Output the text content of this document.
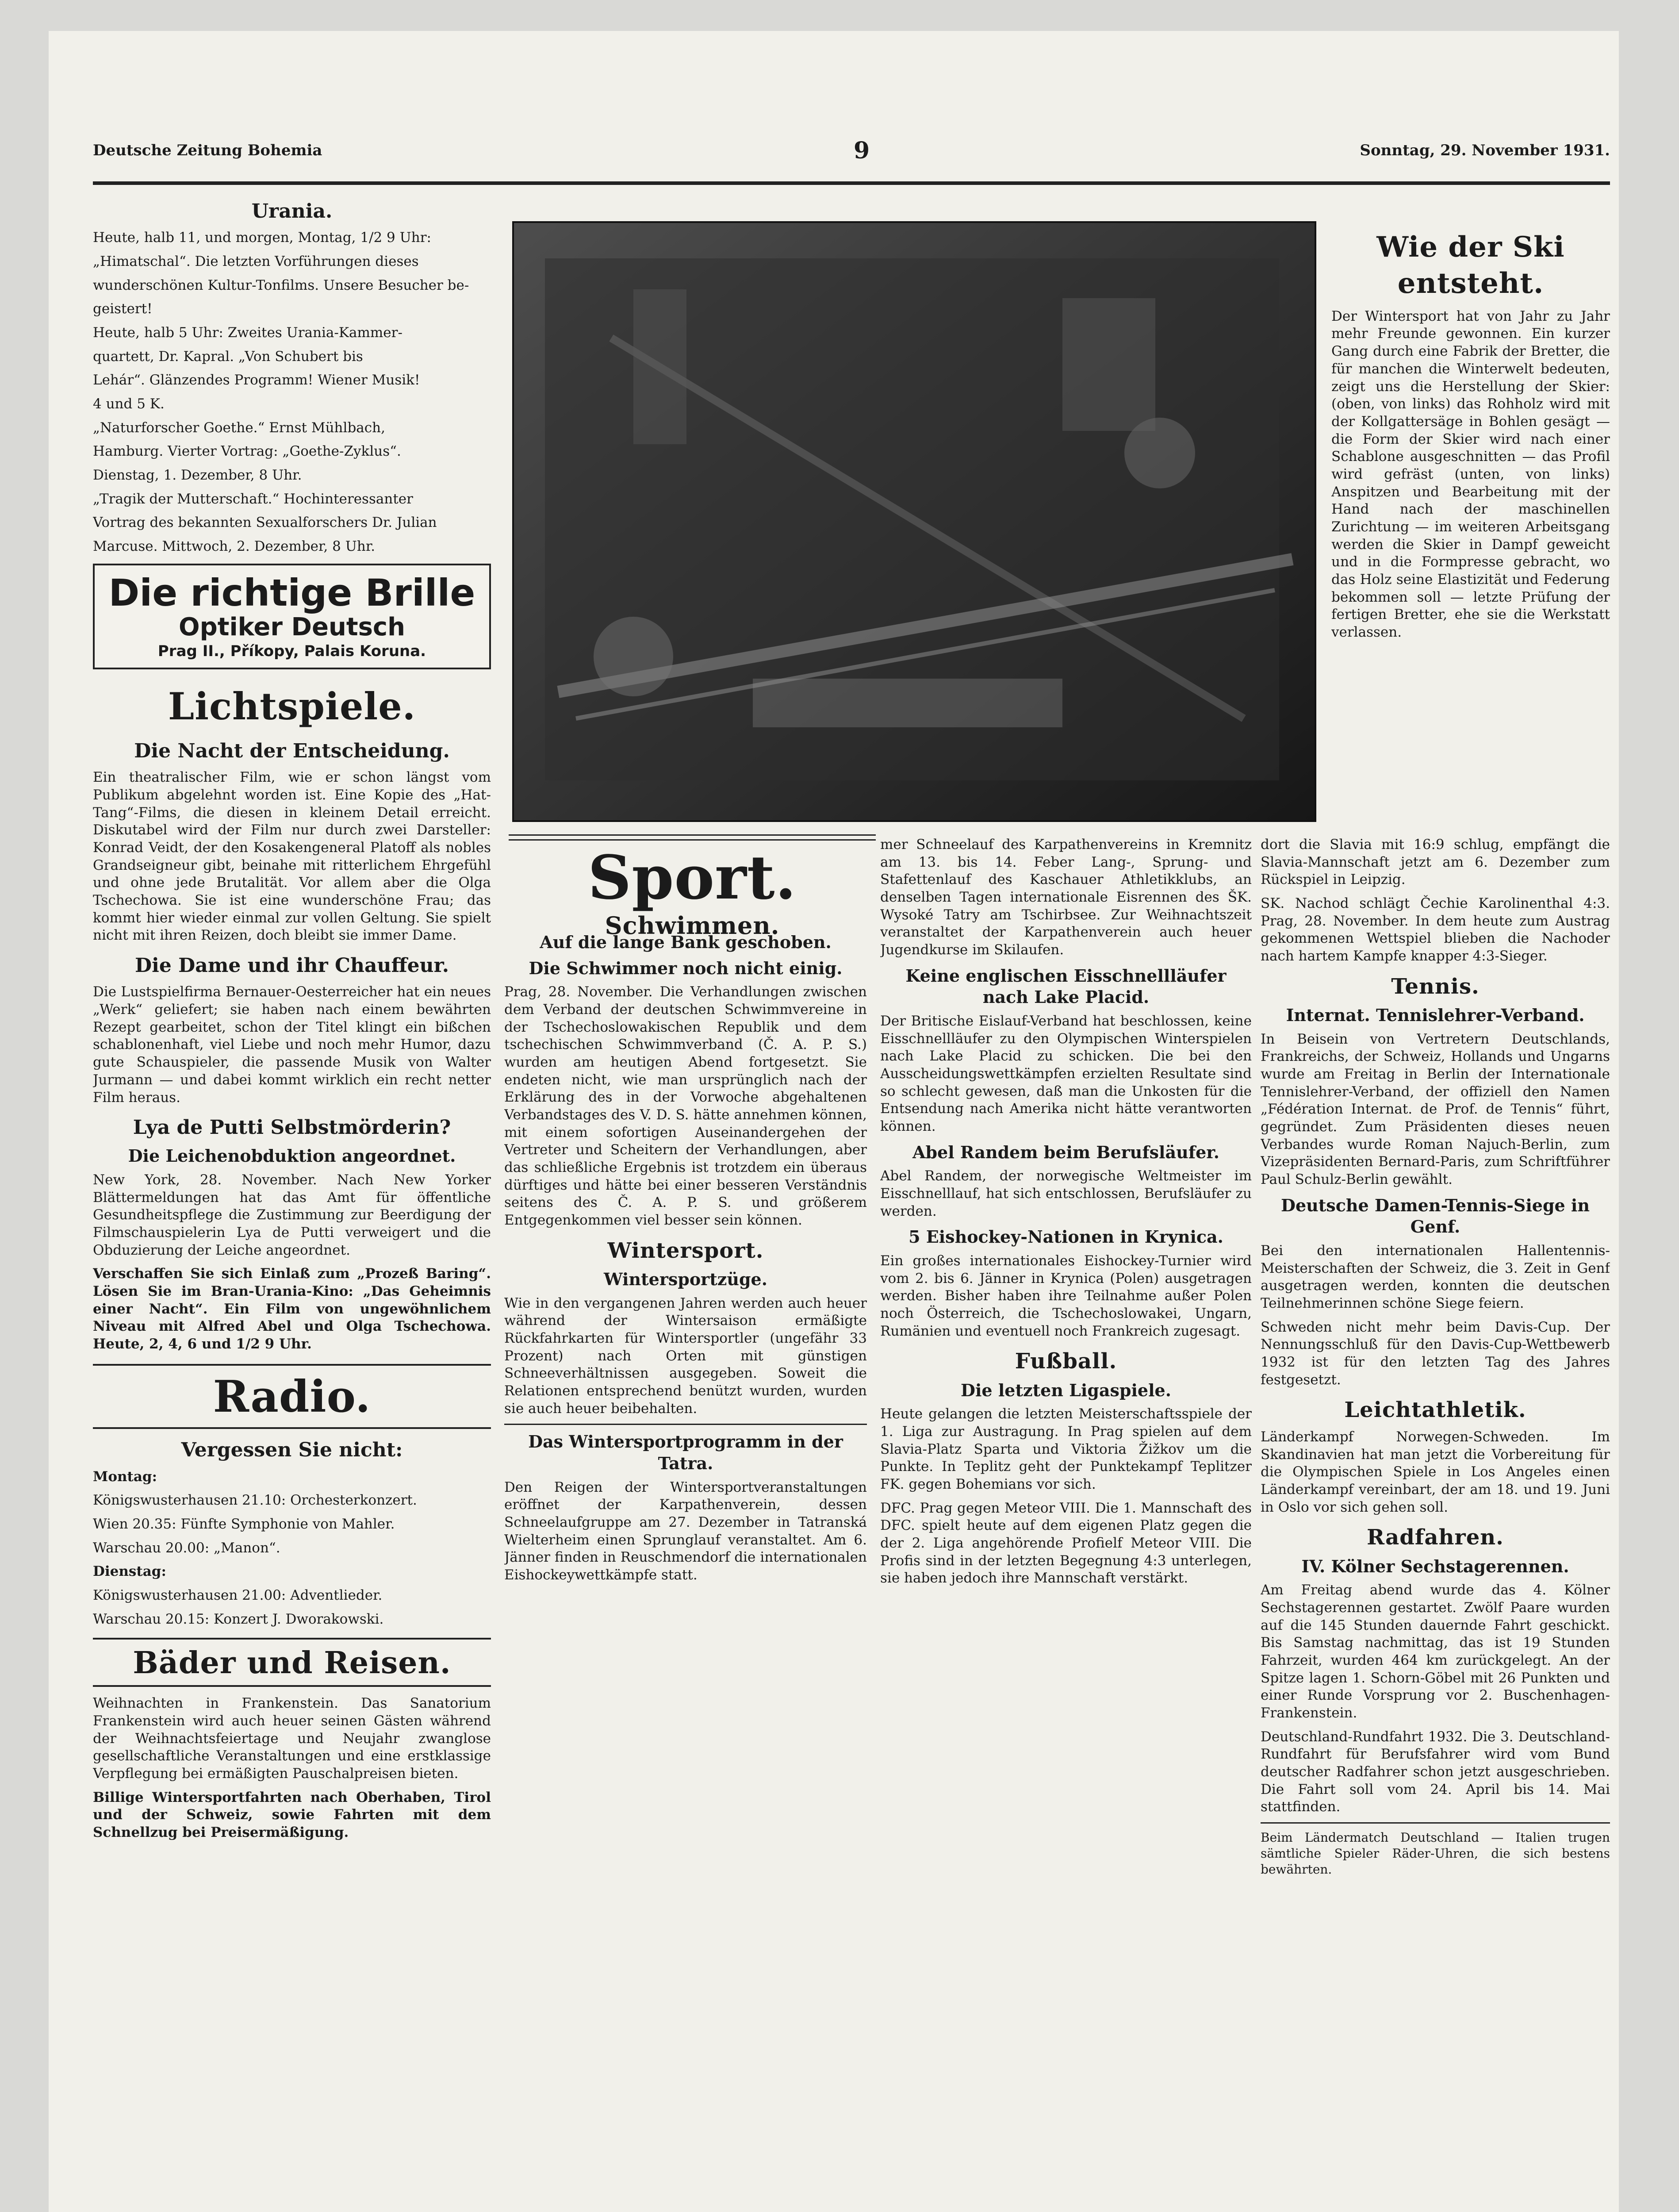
Deutsche Zeitung Bohemia	9	Sonntag, 29. November 1931.
Urania.

Heute, halb 11, und morgen, Montag, 1/2 9 Uhr:

„Himatschal“. Die letzten Vorführungen dieses

wunderschönen Kultur-Tonfilms. Unsere Besucher be-

geistert!

Heute, halb 5 Uhr: Zweites Urania-Kammer-

quartett, Dr. Kapral. „Von Schubert bis

Lehár“. Glänzendes Programm! Wiener Musik!

4 und 5 K.

„Naturforscher Goethe.“ Ernst Mühlbach,

Hamburg. Vierter Vortrag: „Goethe-Zyklus“.

Dienstag, 1. Dezember, 8 Uhr.

„Tragik der Mutterschaft.“ Hochinteressanter

Vortrag des bekannten Sexualforschers Dr. Julian

Marcuse. Mittwoch, 2. Dezember, 8 Uhr.

Die richtige Brille
Optiker Deutsch
Prag II., Příkopy, Palais Koruna.
Lichtspiele.
Die Nacht der Entscheidung.

Ein theatralischer Film, wie er schon längst vom Publikum abgelehnt worden ist. Eine Kopie des „Hat-Tang“-Films, die diesen in kleinem Detail erreicht. Diskutabel wird der Film nur durch zwei Darsteller: Konrad Veidt, der den Kosakengeneral Platoff als nobles Grandseigneur gibt, beinahe mit ritterlichem Ehrgefühl und ohne jede Brutalität. Vor allem aber die Olga Tschechowa. Sie ist eine wunderschöne Frau; das kommt hier wieder einmal zur vollen Geltung. Sie spielt nicht mit ihren Reizen, doch bleibt sie immer Dame.

Die Dame und ihr Chauffeur.

Die Lustspielfirma Bernauer-Oesterreicher hat ein neues „Werk“ geliefert; sie haben nach einem bewährten Rezept gearbeitet, schon der Titel klingt ein bißchen schablonenhaft, viel Liebe und noch mehr Humor, dazu gute Schauspieler, die passende Musik von Walter Jurmann — und dabei kommt wirklich ein recht netter Film heraus.

Lya de Putti Selbstmörderin?
Die Leichenobduktion angeordnet.

New York, 28. November. Nach New Yorker Blättermeldungen hat das Amt für öffentliche Gesundheitspflege die Zustimmung zur Beerdigung der Filmschauspielerin Lya de Putti verweigert und die Obduzierung der Leiche angeordnet.

Verschaffen Sie sich Einlaß zum „Prozeß Baring“. Lösen Sie im Bran-Urania-Kino: „Das Geheimnis einer Nacht“. Ein Film von ungewöhnlichem Niveau mit Alfred Abel und Olga Tschechowa. Heute, 2, 4, 6 und 1/2 9 Uhr.

Radio.
Vergessen Sie nicht:

Montag:

Königswusterhausen 21.10: Orchesterkonzert.

Wien 20.35: Fünfte Symphonie von Mahler.

Warschau 20.00: „Manon“.

Dienstag:

Königswusterhausen 21.00: Adventlieder.

Warschau 20.15: Konzert J. Dworakowski.

Bäder und Reisen.

Weihnachten in Frankenstein. Das Sanatorium Frankenstein wird auch heuer seinen Gästen während der Weihnachtsfeiertage und Neujahr zwanglose gesellschaftliche Veranstaltungen und eine erstklassige Verpflegung bei ermäßigten Pauschalpreisen bieten.

Billige Wintersportfahrten nach Oberhaben, Tirol und der Schweiz, sowie Fahrten mit dem Schnellzug bei Preisermäßigung.

Wie der Ski entsteht.

Der Wintersport hat von Jahr zu Jahr mehr Freunde gewonnen. Ein kurzer Gang durch eine Fabrik der Bretter, die für manchen die Winterwelt bedeuten, zeigt uns die Herstellung der Skier: (oben, von links) das Rohholz wird mit der Kollgattersäge in Bohlen gesägt — die Form der Skier wird nach einer Schablone ausgeschnitten — das Profil wird gefräst (unten, von links) Anspitzen und Bearbeitung mit der Hand nach der maschinellen Zurichtung — im weiteren Arbeitsgang werden die Skier in Dampf geweicht und in die Formpresse gebracht, wo das Holz seine Elastizität und Federung bekommen soll — letzte Prüfung der fertigen Bretter, ehe sie die Werkstatt verlassen.

Sport.
Schwimmen.
Auf die lange Bank geschoben.
Die Schwimmer noch nicht einig.

Prag, 28. November. Die Verhandlungen zwischen dem Verband der deutschen Schwimmvereine in der Tschechoslowakischen Republik und dem tschechischen Schwimmverband (Č. A. P. S.) wurden am heutigen Abend fortgesetzt. Sie endeten nicht, wie man ursprünglich nach der Erklärung des in der Vorwoche abgehaltenen Verbandstages des V. D. S. hätte annehmen können, mit einem sofortigen Auseinandergehen der Vertreter und Scheitern der Verhandlungen, aber das schließliche Ergebnis ist trotzdem ein überaus dürftiges und hätte bei einer besseren Verständnis seitens des Č. A. P. S. und größerem Entgegenkommen viel besser sein können.

Wintersport.
Wintersportzüge.

Wie in den vergangenen Jahren werden auch heuer während der Wintersaison ermäßigte Rückfahrkarten für Wintersportler (ungefähr 33 Prozent) nach Orten mit günstigen Schneeverhältnissen ausgegeben. Soweit die Relationen entsprechend benützt wurden, wurden sie auch heuer beibehalten.

Das Wintersportprogramm in der Tatra.

Den Reigen der Wintersportveranstaltungen eröffnet der Karpathenverein, dessen Schneelaufgruppe am 27. Dezember in Tatranská Wielterheim einen Sprunglauf veranstaltet. Am 6. Jänner finden in Reuschmendorf die internationalen Eishockeywettkämpfe statt.

mer Schneelauf des Karpathenvereins in Kremnitz am 13. bis 14. Feber Lang-, Sprung- und Stafettenlauf des Kaschauer Athletikklubs, an denselben Tagen internationale Eisrennen des ŠK. Wysoké Tatry am Tschirbsee. Zur Weihnachtszeit veranstaltet der Karpathenverein auch heuer Jugendkurse im Skilaufen.

Keine englischen Eisschnellläufer nach Lake Placid.

Der Britische Eislauf-Verband hat beschlossen, keine Eisschnellläufer zu den Olympischen Winterspielen nach Lake Placid zu schicken. Die bei den Ausscheidungswettkämpfen erzielten Resultate sind so schlecht gewesen, daß man die Unkosten für die Entsendung nach Amerika nicht hätte verantworten können.

Abel Randem beim Berufsläufer.

Abel Randem, der norwegische Weltmeister im Eisschnelllauf, hat sich entschlossen, Berufsläufer zu werden.

5 Eishockey-Nationen in Krynica.

Ein großes internationales Eishockey-Turnier wird vom 2. bis 6. Jänner in Krynica (Polen) ausgetragen werden. Bisher haben ihre Teilnahme außer Polen noch Österreich, die Tschechoslowakei, Ungarn, Rumänien und eventuell noch Frankreich zugesagt.

Fußball.
Die letzten Ligaspiele.

Heute gelangen die letzten Meisterschaftsspiele der 1. Liga zur Austragung. In Prag spielen auf dem Slavia-Platz Sparta und Viktoria Žižkov um die Punkte. In Teplitz geht der Punktekampf Teplitzer FK. gegen Bohemians vor sich.

DFC. Prag gegen Meteor VIII. Die 1. Mannschaft des DFC. spielt heute auf dem eigenen Platz gegen die der 2. Liga angehörende Profielf Meteor VIII. Die Profis sind in der letzten Begegnung 4:3 unterlegen, sie haben jedoch ihre Mannschaft verstärkt.

dort die Slavia mit 16:9 schlug, empfängt die Slavia-Mannschaft jetzt am 6. Dezember zum Rückspiel in Leipzig.

SK. Nachod schlägt Čechie Karolinenthal 4:3. Prag, 28. November. In dem heute zum Austrag gekommenen Wettspiel blieben die Nachoder nach hartem Kampfe knapper 4:3-Sieger.

Tennis.
Internat. Tennislehrer-Verband.

In Beisein von Vertretern Deutschlands, Frankreichs, der Schweiz, Hollands und Ungarns wurde am Freitag in Berlin der Internationale Tennislehrer-Verband, der offiziell den Namen „Fédération Internat. de Prof. de Tennis“ führt, gegründet. Zum Präsidenten dieses neuen Verbandes wurde Roman Najuch-Berlin, zum Vizepräsidenten Bernard-Paris, zum Schriftführer Paul Schulz-Berlin gewählt.

Deutsche Damen-Tennis-Siege in Genf.

Bei den internationalen Hallentennis-Meisterschaften der Schweiz, die 3. Zeit in Genf ausgetragen werden, konnten die deutschen Teilnehmerinnen schöne Siege feiern.

Schweden nicht mehr beim Davis-Cup. Der Nennungsschluß für den Davis-Cup-Wettbewerb 1932 ist für den letzten Tag des Jahres festgesetzt.

Leichtathletik.

Länderkampf Norwegen-Schweden. Im Skandinavien hat man jetzt die Vorbereitung für die Olympischen Spiele in Los Angeles einen Länderkampf vereinbart, der am 18. und 19. Juni in Oslo vor sich gehen soll.

Radfahren.
IV. Kölner Sechstagerennen.

Am Freitag abend wurde das 4. Kölner Sechstagerennen gestartet. Zwölf Paare wurden auf die 145 Stunden dauernde Fahrt geschickt. Bis Samstag nachmittag, das ist 19 Stunden Fahrzeit, wurden 464 km zurückgelegt. An der Spitze lagen 1. Schorn-Göbel mit 26 Punkten und einer Runde Vorsprung vor 2. Buschenhagen-Frankenstein.

Deutschland-Rundfahrt 1932. Die 3. Deutschland-Rundfahrt für Berufsfahrer wird vom Bund deutscher Radfahrer schon jetzt ausgeschrieben. Die Fahrt soll vom 24. April bis 14. Mai stattfinden.

Beim Ländermatch Deutschland — Italien trugen sämtliche Spieler Räder-Uhren, die sich bestens bewährten.
